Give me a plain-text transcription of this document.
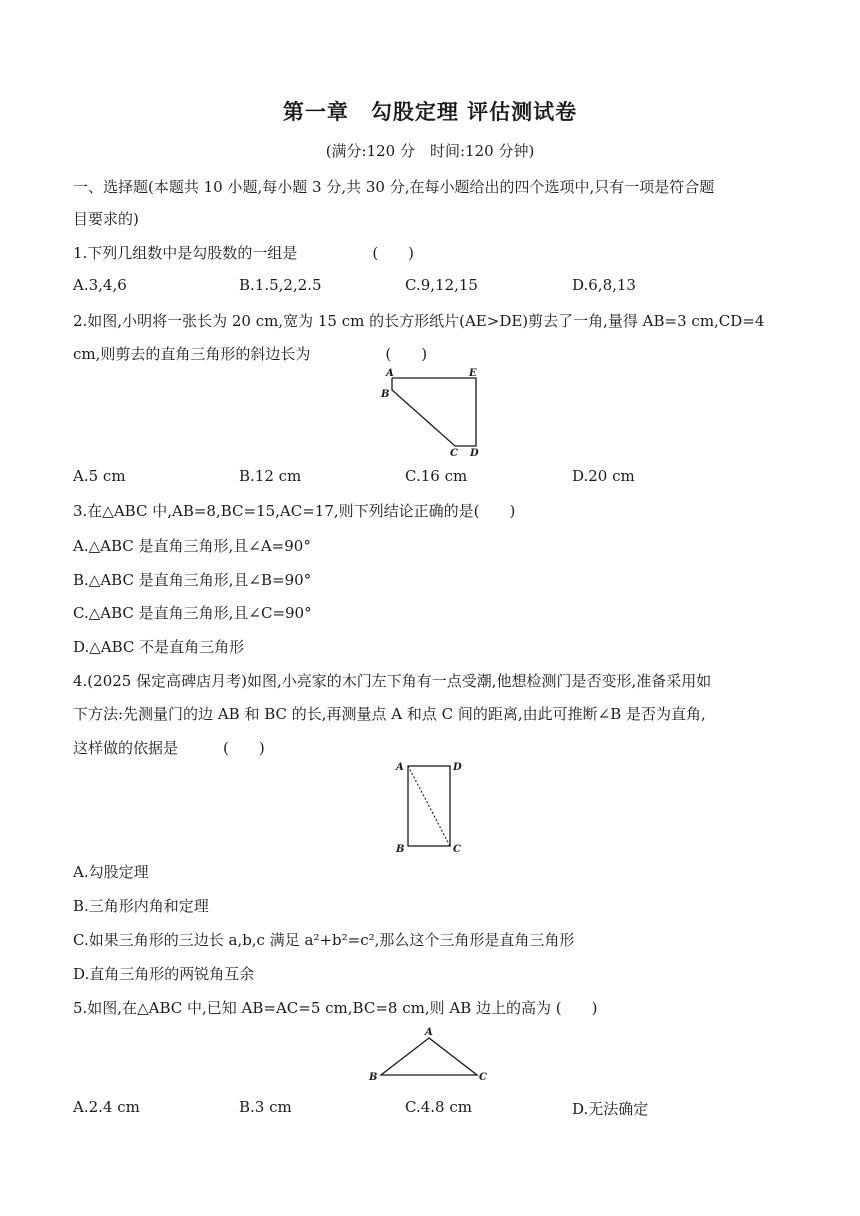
第一章　勾股定理 评估测试卷
(满分:120 分　时间:120 分钟)
一、选择题(本题共 10 小题,每小题 3 分,共 30 分,在每小题给出的四个选项中,只有一项是符合题
目要求的)
1.下列几组数中是勾股数的一组是　　　　　(　　)
A.3,4,6	B.1.5,2,2.5	C.9,12,15	D.6,8,13
2.如图,小明将一张长为 20 cm,宽为 15 cm 的长方形纸片(AE>DE)剪去了一角,量得 AB=3 cm,CD=4
cm,则剪去的直角三角形的斜边长为　　　　　(　　)
A	E
B
C D
A.5 cm	B.12 cm	C.16 cm	D.20 cm
3.在△ABC 中,AB=8,BC=15,AC=17,则下列结论正确的是(　　)
A.△ABC 是直角三角形,且∠A=90°
B.△ABC 是直角三角形,且∠B=90°
C.△ABC 是直角三角形,且∠C=90°
D.△ABC 不是直角三角形
4.(2025 保定高碑店月考)如图,小亮家的木门左下角有一点受潮,他想检测门是否变形,准备采用如
下方法:先测量门的边 AB 和 BC 的长,再测量点 A 和点 C 间的距离,由此可推断∠B 是否为直角,
这样做的依据是　　　(　　)
A	D
B	C
A.勾股定理
B.三角形内角和定理
C.如果三角形的三边长 a,b,c 满足 a²+b²=c²,那么这个三角形是直角三角形
D.直角三角形的两锐角互余
5.如图,在△ABC 中,已知 AB=AC=5 cm,BC=8 cm,则 AB 边上的高为 (　　)
A
B	C
A.2.4 cm	B.3 cm	C.4.8 cm	D.无法确定
